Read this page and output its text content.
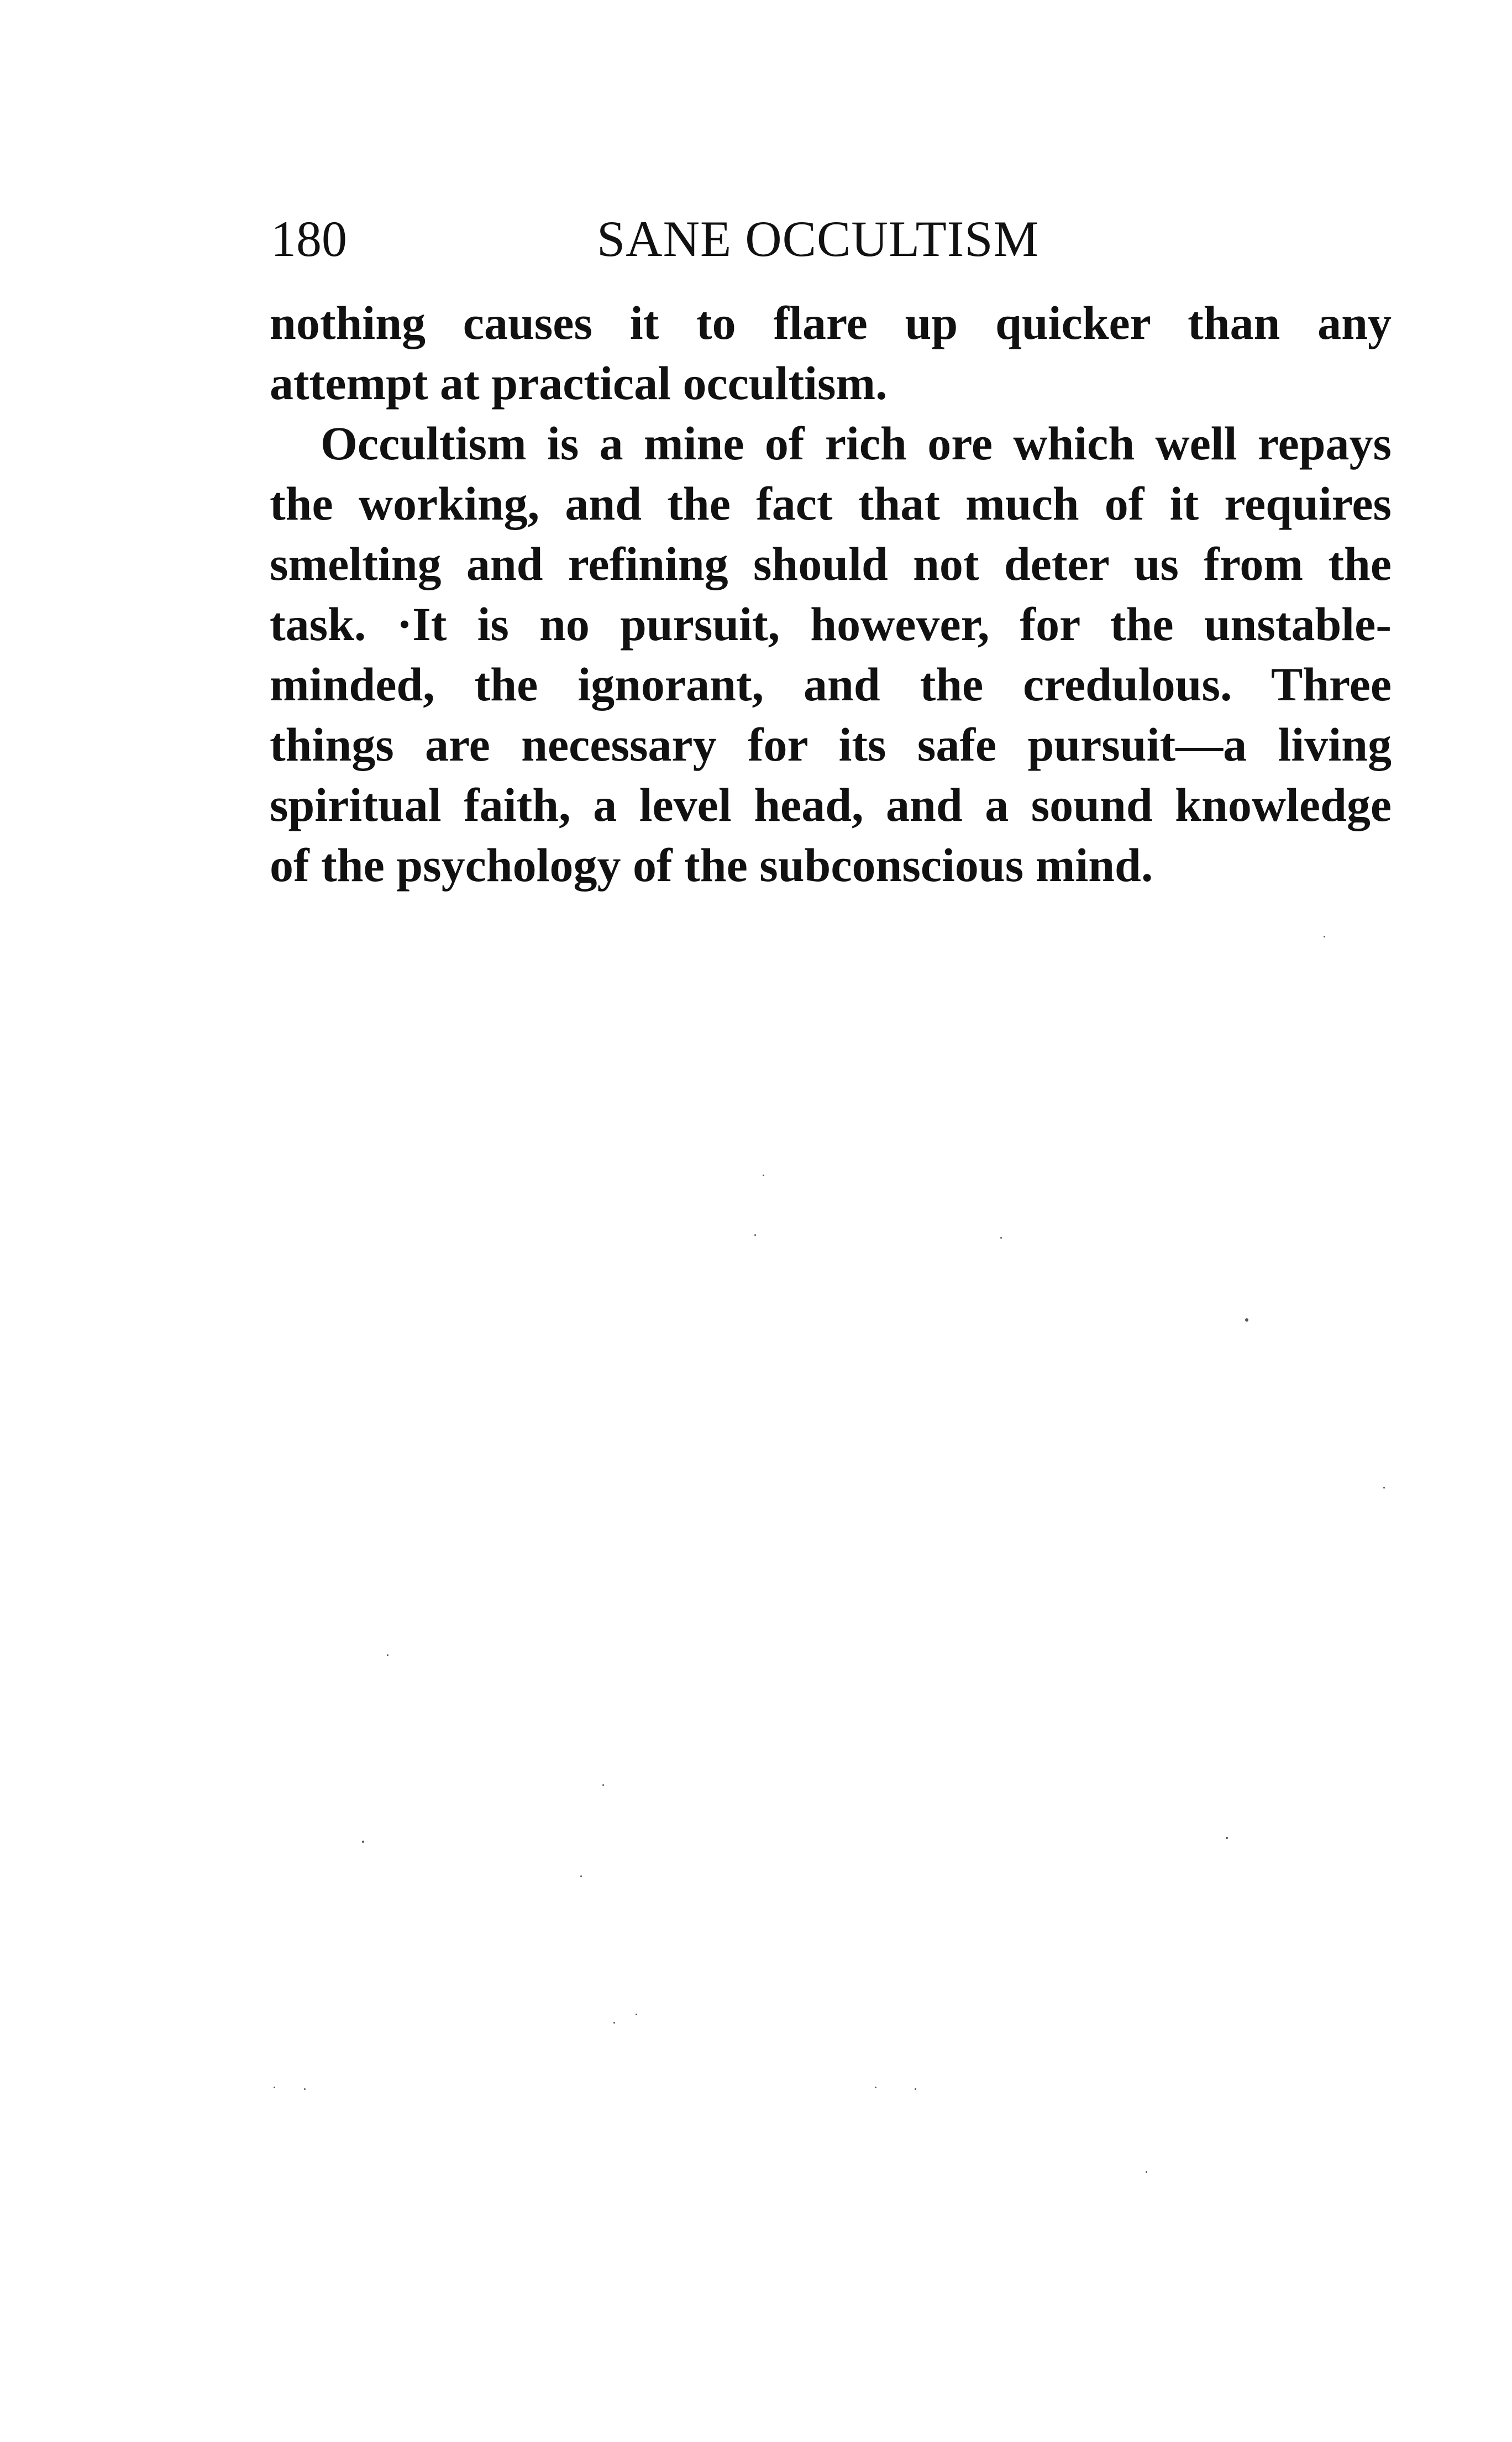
180	SANE OCCULTISM
nothing causes it to flare up quicker than any
attempt at practical occultism.
Occultism is a mine of rich ore which well repays
the working, and the fact that much of it requires
smelting and refining should not deter us from the
task. ·It is no pursuit, however, for the unstable-
minded, the ignorant, and the credulous. Three
things are necessary for its safe pursuit—a living
spiritual faith, a level head, and a sound knowledge
of the psychology of the subconscious mind.
